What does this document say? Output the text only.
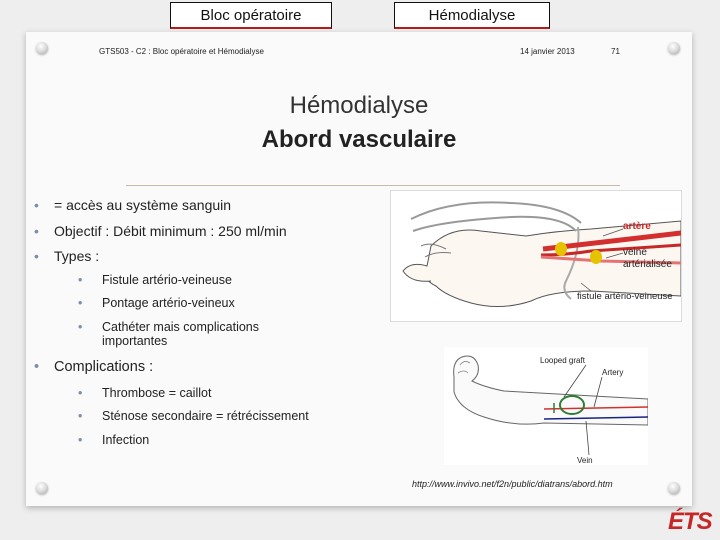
Bloc opératoire	Hémodialyse
GTS503 - C2 : Bloc opératoire et Hémodialyse	14 janvier 2013	71
Hémodialyse
Abord vasculaire
• = accès au système sanguin
• Objectif : Débit minimum : 250 ml/min
• Types :
• Fistule artério-veineuse
• Pontage artério-veineux
• Cathéter mais complications
importantes
• Complications :
• Thrombose = caillot
• Sténose secondaire = rétrécissement
• Infection
artère
veine
artérialisée
fistule artério-veineuse
Looped graft
Artery
Vein
http://www.invivo.net/f2n/public/diatrans/abord.htm
ÉTS
